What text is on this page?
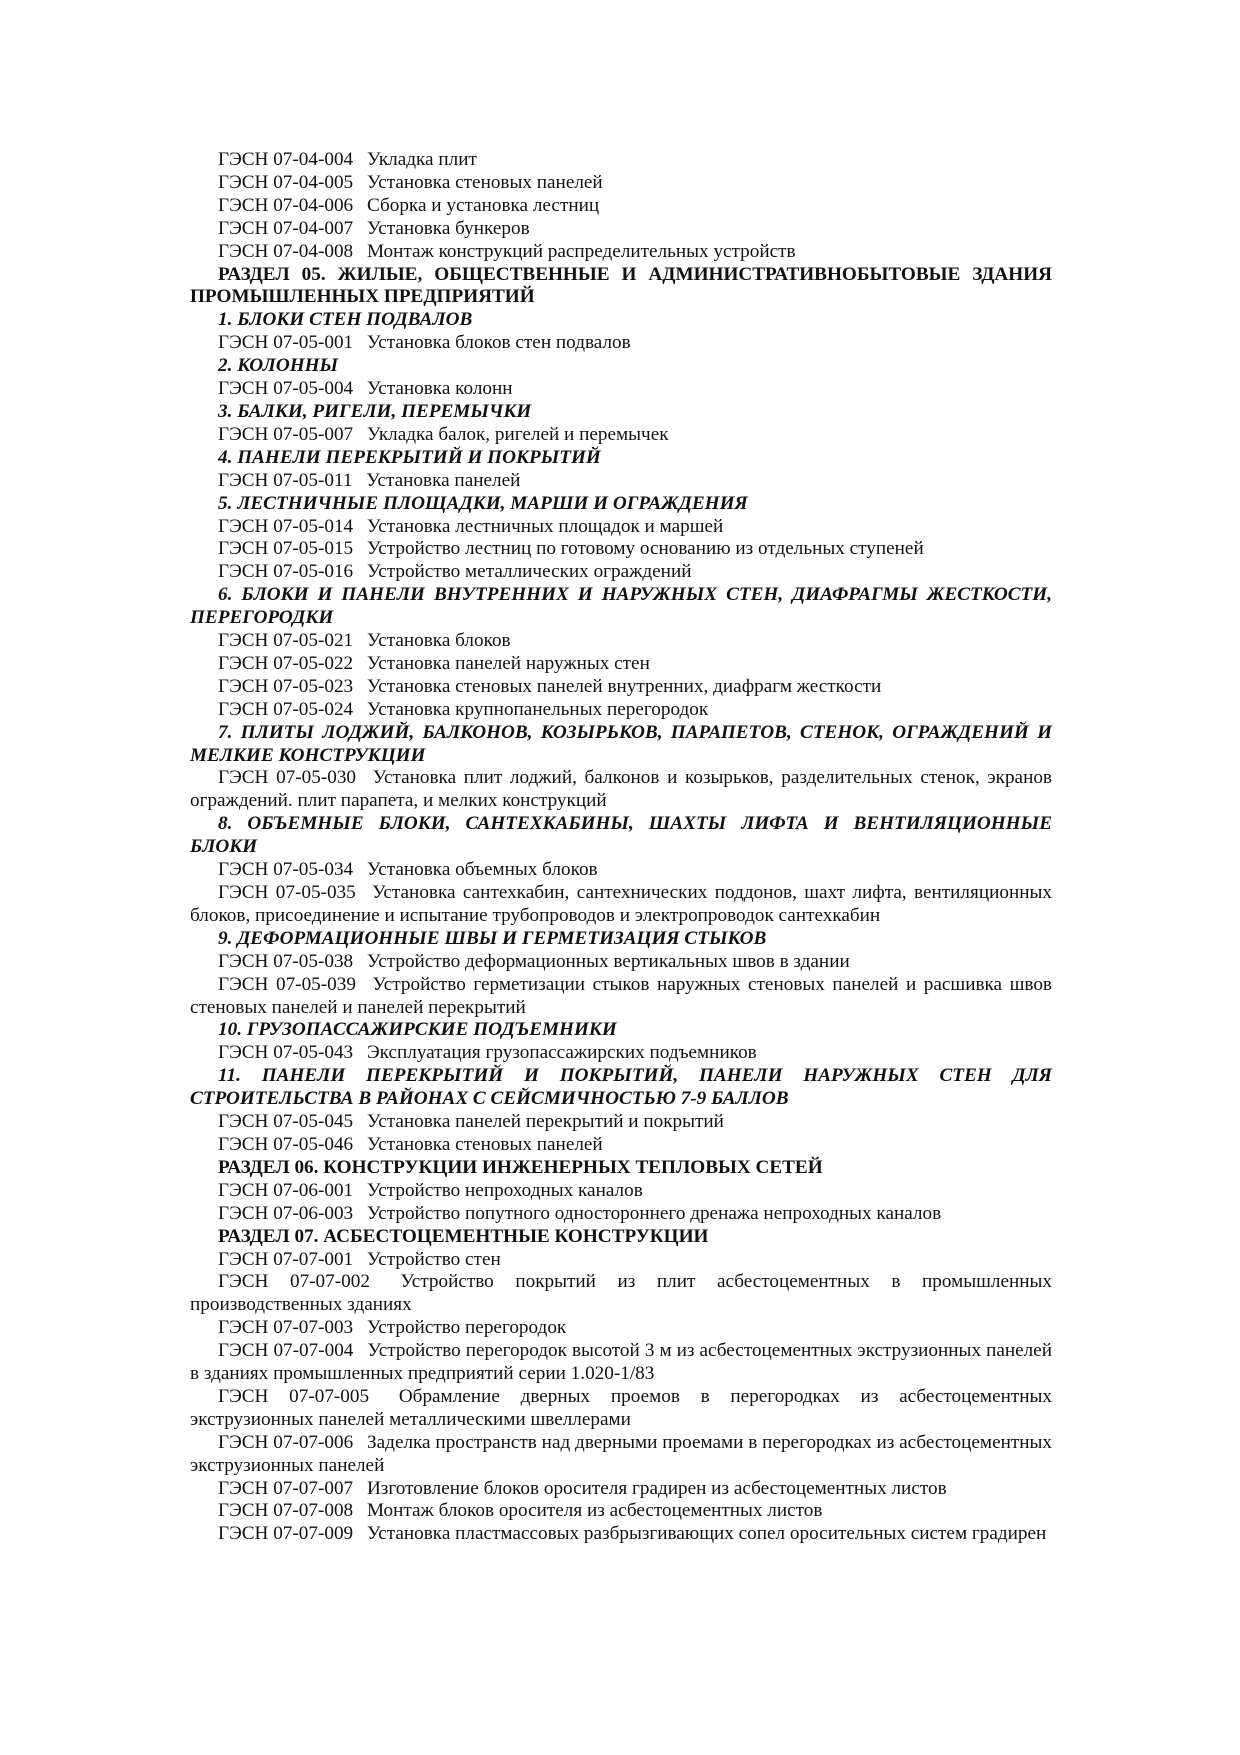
ГЭСН 07-04-004 Укладка плит

ГЭСН 07-04-005 Установка стеновых панелей

ГЭСН 07-04-006 Сборка и установка лестниц

ГЭСН 07-04-007 Установка бункеров

ГЭСН 07-04-008 Монтаж конструкций распределительных устройств

РАЗДЕЛ 05. ЖИЛЫЕ, ОБЩЕСТВЕННЫЕ И АДМИНИСТРАТИВНОБЫТОВЫЕ ЗДАНИЯ ПРОМЫШЛЕННЫХ ПРЕДПРИЯТИЙ

1. БЛОКИ СТЕН ПОДВАЛОВ

ГЭСН 07-05-001 Установка блоков стен подвалов

2. КОЛОННЫ

ГЭСН 07-05-004 Установка колонн

3. БАЛКИ, РИГЕЛИ, ПЕРЕМЫЧКИ

ГЭСН 07-05-007 Укладка балок, ригелей и перемычек

4. ПАНЕЛИ ПЕРЕКРЫТИЙ И ПОКРЫТИЙ

ГЭСН 07-05-011 Установка панелей

5. ЛЕСТНИЧНЫЕ ПЛОЩАДКИ, МАРШИ И ОГРАЖДЕНИЯ

ГЭСН 07-05-014 Установка лестничных площадок и маршей

ГЭСН 07-05-015 Устройство лестниц по готовому основанию из отдельных ступеней

ГЭСН 07-05-016 Устройство металлических ограждений

6. БЛОКИ И ПАНЕЛИ ВНУТРЕННИХ И НАРУЖНЫХ СТЕН, ДИАФРАГМЫ ЖЕСТКОСТИ, ПЕРЕГОРОДКИ

ГЭСН 07-05-021 Установка блоков

ГЭСН 07-05-022 Установка панелей наружных стен

ГЭСН 07-05-023 Установка стеновых панелей внутренних, диафрагм жесткости

ГЭСН 07-05-024 Установка крупнопанельных перегородок

7. ПЛИТЫ ЛОДЖИЙ, БАЛКОНОВ, КОЗЫРЬКОВ, ПАРАПЕТОВ, СТЕНОК, ОГРАЖДЕНИЙ И МЕЛКИЕ КОНСТРУКЦИИ

ГЭСН 07-05-030 Установка плит лоджий, балконов и козырьков, разделительных стенок, экранов ограждений. плит парапета, и мелких конструкций

8. ОБЪЕМНЫЕ БЛОКИ, САНТЕХКАБИНЫ, ШАХТЫ ЛИФТА И ВЕНТИЛЯЦИОННЫЕ БЛОКИ

ГЭСН 07-05-034 Установка объемных блоков

ГЭСН 07-05-035 Установка сантехкабин, сантехнических поддонов, шахт лифта, вентиляционных блоков, присоединение и испытание трубопроводов и электропроводок сантехкабин

9. ДЕФОРМАЦИОННЫЕ ШВЫ И ГЕРМЕТИЗАЦИЯ СТЫКОВ

ГЭСН 07-05-038 Устройство деформационных вертикальных швов в здании

ГЭСН 07-05-039 Устройство герметизации стыков наружных стеновых панелей и расшивка швов стеновых панелей и панелей перекрытий

10. ГРУЗОПАССАЖИРСКИЕ ПОДЪЕМНИКИ

ГЭСН 07-05-043 Эксплуатация грузопассажирских подъемников

11. ПАНЕЛИ ПЕРЕКРЫТИЙ И ПОКРЫТИЙ, ПАНЕЛИ НАРУЖНЫХ СТЕН ДЛЯ СТРОИТЕЛЬСТВА В РАЙОНАХ С СЕЙСМИЧНОСТЬЮ 7-9 БАЛЛОВ

ГЭСН 07-05-045 Установка панелей перекрытий и покрытий

ГЭСН 07-05-046 Установка стеновых панелей

РАЗДЕЛ 06. КОНСТРУКЦИИ ИНЖЕНЕРНЫХ ТЕПЛОВЫХ СЕТЕЙ

ГЭСН 07-06-001 Устройство непроходных каналов

ГЭСН 07-06-003 Устройство попутного одностороннего дренажа непроходных каналов

РАЗДЕЛ 07. АСБЕСТОЦЕМЕНТНЫЕ КОНСТРУКЦИИ

ГЭСН 07-07-001 Устройство стен

ГЭСН 07-07-002 Устройство покрытий из плит асбестоцементных в промышленных производственных зданиях

ГЭСН 07-07-003 Устройство перегородок

ГЭСН 07-07-004 Устройство перегородок высотой 3 м из асбестоцементных экструзионных панелей в зданиях промышленных предприятий серии 1.020-1/83

ГЭСН 07-07-005 Обрамление дверных проемов в перегородках из асбестоцементных экструзионных панелей металлическими швеллерами

ГЭСН 07-07-006 Заделка пространств над дверными проемами в перегородках из асбестоцементных экструзионных панелей

ГЭСН 07-07-007 Изготовление блоков оросителя градирен из асбестоцементных листов

ГЭСН 07-07-008 Монтаж блоков оросителя из асбестоцементных листов

ГЭСН 07-07-009 Установка пластмассовых разбрызгивающих сопел оросительных систем градирен
